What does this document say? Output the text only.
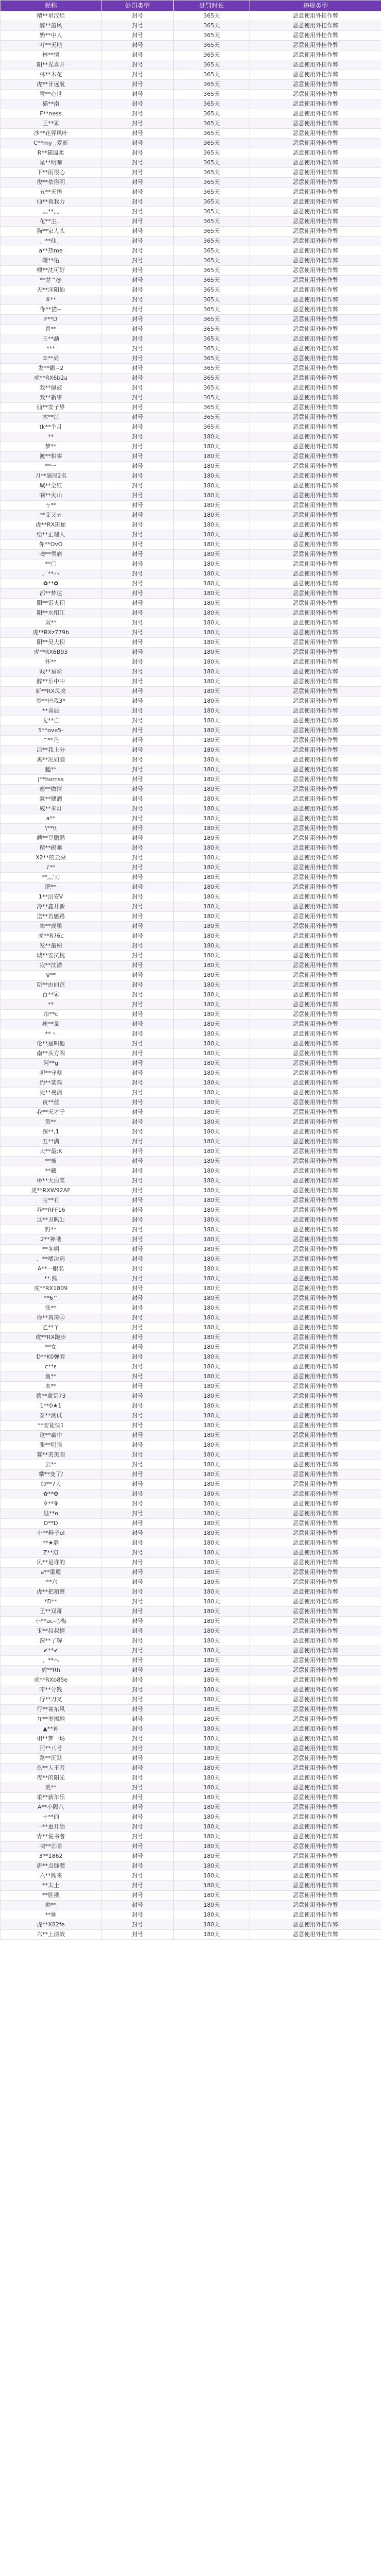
昵称	处罚类型	处罚时长	违规类型
精**星汉烂	封号	365天	恶意使用外挂作弊
醉**墨风	封号	365天	恶意使用外挂作弊
奶**中人	封号	365天	恶意使用外挂作弊
叮**天地	封号	365天	恶意使用外挂作弊
林**情	封号	365天	恶意使用外挂作弊
阳**光喜开	封号	365天	恶意使用外挂作弊
林**木花	封号	365天	恶意使用外挂作弊
虎**牙远航	封号	365天	恶意使用外挂作弊
雪**心世	封号	365天	恶意使用外挂作弊
猫**南	封号	365天	恶意使用外挂作弊
F**ness	封号	365天	恶意使用外挂作弊
王**㊣	封号	365天	恶意使用外挂作弊
沙**花弄风叶	封号	365天	恶意使用外挂作弊
C**my_,爱新	封号	365天	恶意使用外挂作弊
R**猫温柔	封号	365天	恶意使用外挂作弊
星**明嘛	封号	365天	恶意使用外挂作弊
下**雨很心	封号	365天	恶意使用外挂作弊
俊**依俗明	封号	365天	恶意使用外挂作弊
五**天悟	封号	365天	恶意使用外挂作弊
仙**看我力	封号	365天	恶意使用外挂作弊
灬**灬	封号	365天	恶意使用外挂作弊
花**尘。	封号	365天	恶意使用外挂作弊
猫**家人头	封号	365天	恶意使用外挂作弊
。**仙。	封号	365天	恶意使用外挂作弊
a**热me	封号	365天	恶意使用外挂作弊
曙**佑	封号	365天	恶意使用外挂作弊
嘿**沈可好	封号	365天	恶意使用外挂作弊
**楚^@	封号	365天	恶意使用外挂作弊
天**洋阳仙	封号	365天	恶意使用外挂作弊
⑥**	封号	365天	恶意使用外挂作弊
你**猫~	封号	365天	恶意使用外挂作弊
F**D	封号	365天	恶意使用外挂作弊
青**	封号	365天	恶意使用外挂作弊
王**勐	封号	365天	恶意使用外挂作弊
***	封号	365天	恶意使用外挂作弊
①**尚	封号	365天	恶意使用外挂作弊
发**霸~2	封号	365天	恶意使用外挂作弊
虎**RX6b2a	封号	365天	恶意使用外挂作弊
我**佩被	封号	365天	恶意使用外挂作弊
我**新事	封号	365天	恶意使用外挂作弊
仙**发子界	封号	365天	恶意使用外挂作弊
木**江	封号	365天	恶意使用外挂作弊
tk**个月	封号	365天	恶意使用外挂作弊
**	封号	180天	恶意使用外挂作弊
梦**	封号	180天	恶意使用外挂作弊
渡**相事	封号	180天	恶意使用外挂作弊
**一	封号	180天	恶意使用外挂作弊
刀**滴冠2名	封号	180天	恶意使用外挂作弊
城**全红	封号	180天	恶意使用外挂作弊
啊**火山	封号	180天	恶意使用外挂作弊
ㄅ**	封号	180天	恶意使用外挂作弊
**艾又ㄜ	封号	180天	恶意使用外挂作弊
虎**RX斑蛇	封号	180天	恶意使用外挂作弊
给**正理人	封号	180天	恶意使用外挂作弊
你**OvO	封号	180天	恶意使用外挂作弊
噢**雪痛	封号	180天	恶意使用外挂作弊
**〇	封号	180天	恶意使用外挂作弊
。**ハ	封号	180天	恶意使用外挂作弊
✿**✿	封号	180天	恶意使用外挂作弊
都**梦达	封号	180天	恶意使用外挂作弊
阳**雷夹积	封号	180天	恶意使用外挂作弊
阳**水粗江	封号	180天	恶意使用外挂作弊
双**	封号	180天	恶意使用外挂作弊
虎**RXz779b	封号	180天	恶意使用外挂作弊
阳**吴大积	封号	180天	恶意使用外挂作弊
虎**RX6B93	封号	180天	恶意使用外挂作弊
怀**	封号	180天	恶意使用外挂作弊
贱**星彩	封号	180天	恶意使用外挂作弊
醉**乐中中	封号	180天	恶意使用外挂作弊
新**RX凤亮	封号	180天	恶意使用外挂作弊
梦**巴我3*	封号	180天	恶意使用外挂作弊
**喜辰	封号	180天	恶意使用外挂作弊
无**亡	封号	180天	恶意使用外挂作弊
5**ove5-	封号	180天	恶意使用外挂作弊
^**乃	封号	180天	恶意使用外挂作弊
凉**我上分	封号	180天	恶意使用外挂作弊
黑**况如脑	封号	180天	恶意使用外挂作弊
腿**	封号	180天	恶意使用外挂作弊
J**homss	封号	180天	恶意使用外挂作弊
瘦**做情	封号	180天	恶意使用外挂作弊
匿**健酒	封号	180天	恶意使用外挂作弊
威**米灯	封号	180天	恶意使用外挂作弊
a**	封号	180天	恶意使用外挂作弊
\**\\	封号	180天	恶意使用外挂作弊
蘑**豆鹏鹏	封号	180天	恶意使用外挂作弊
精**鹃嘛	封号	180天	恶意使用外挂作弊
X2**的云朵	封号	180天	恶意使用外挂作弊
♪**	封号	180天	恶意使用外挂作弊
**灬'刃	封号	180天	恶意使用外挂作弊
肥**	封号	180天	恶意使用外挂作弊
1**沼安V	封号	180天	恶意使用外挂作弊
冷**鑫开新	封号	180天	恶意使用外挂作弊
送**若感路	封号	180天	恶意使用外挂作弊
朱**成果	封号	180天	恶意使用外挂作弊
虎**R76c	封号	180天	恶意使用外挂作弊
发**最积	封号	180天	恶意使用外挂作弊
城**安抗枕	封号	180天	恶意使用外挂作弊
寂**沈潜	封号	180天	恶意使用外挂作弊
♀**	封号	180天	恶意使用外挂作弊
斯**由丽芭	封号	180天	恶意使用外挂作弊
百**㊣	封号	180天	恶意使用外挂作弊
**	封号	180天	恶意使用外挂作弊
帘**c	封号	180天	恶意使用外挂作弊
瘦**量	封号	180天	恶意使用外挂作弊
**丶	封号	180天	恶意使用外挂作弊
伦**是叫他	封号	180天	恶意使用外挂作弊
南**头方阁	封号	180天	恶意使用外挂作弊
阿**g	封号	180天	恶意使用外挂作弊
叨**守蔡	封号	180天	恶意使用外挂作弊
约**菜鸡	封号	180天	恶意使用外挂作弊
死**视剑	封号	180天	恶意使用外挂作弊
夜**丝	封号	180天	恶意使用外挂作弊
我**天才子	封号	180天	恶意使用外挂作弊
裂**	封号	180天	恶意使用外挂作弊
深**,1	封号	180天	恶意使用外挂作弊
五**满	封号	180天	恶意使用外挂作弊
大**最;K	封号	180天	恶意使用外挂作弊
**被	封号	180天	恶意使用外挂作弊
**藏	封号	180天	恶意使用外挂作弊
桥**大白菜	封号	180天	恶意使用外挂作弊
虎**RXW92AF	封号	180天	恶意使用外挂作弊
宝**有	封号	180天	恶意使用外挂作弊
苏**RFF16	封号	180天	恶意使用外挂作弊
这**丑吗1;	封号	180天	恶意使用外挂作弊
野**	封号	180天	恶意使用外挂作弊
2**神哦	封号	180天	恶意使用外挂作弊
**冬啊	封号	180天	恶意使用外挂作弊
、**嗜决药	封号	180天	恶意使用外挂作弊
A**一眼名	封号	180天	恶意使用外挂作弊
**.熊	封号	180天	恶意使用外挂作弊
虎**RX1809	封号	180天	恶意使用外挂作弊
**6^	封号	180天	恶意使用外挂作弊
张**	封号	180天	恶意使用外挂作弊
你**真琦㊣	封号	180天	恶意使用外挂作弊
乙**丫	封号	180天	恶意使用外挂作弊
虎**RX跑步	封号	180天	恶意使用外挂作弊
**女	封号	180天	恶意使用外挂作弊
D**K0弹看	封号	180天	恶意使用外挂作弊
c**ε	封号	180天	恶意使用外挂作弊
鱼**	封号	180天	恶意使用外挂作弊
本**	封号	180天	恶意使用外挂作弊
蔡**蒙哥73	封号	180天	恶意使用外挂作弊
1**0★1	封号	180天	恶意使用外挂作弊
泰**测试	封号	180天	恶意使用外挂作弊
**安徒快1	封号	180天	恶意使用外挂作弊
这**赢中	封号	180天	恶意使用外挂作弊
张**明强	封号	180天	恶意使用外挂作弊
赛**美美圆	封号	180天	恶意使用外挂作弊
云**	封号	180天	恶意使用外挂作弊
攀**变了/	封号	180天	恶意使用外挂作弊
加**7人	封号	180天	恶意使用外挂作弊
✿**✿	封号	180天	恶意使用外挂作弊
✞**✞	封号	180天	恶意使用外挂作弊
昼**o	封号	180天	恶意使用外挂作弊
D**D	封号	180天	恶意使用外挂作弊
小**鞋子ol	封号	180天	恶意使用外挂作弊
**★静	封号	180天	恶意使用外挂作弊
Z**幻	封号	180天	恶意使用外挂作弊
风**是谁的	封号	180天	恶意使用外挂作弊
a**重麗	封号	180天	恶意使用外挂作弊
·**六	封号	180天	恶意使用外挂作弊
虎**把箱蔡	封号	180天	恶意使用外挂作弊
*D**	封号	180天	恶意使用外挂作弊
王**双哥	封号	180天	恶意使用外挂作弊
小**ac-心梅	封号	180天	恶意使用外挂作弊
玉**叔叔情	封号	180天	恶意使用外挂作弊
深**了解	封号	180天	恶意使用外挂作弊
✔**✔	封号	180天	恶意使用外挂作弊
、**ヘ	封号	180天	恶意使用外挂作弊
虎**Rh	封号	180天	恶意使用外挂作弊
虎**RXb85e	封号	180天	恶意使用外挂作弊
咔**分钱	封号	180天	恶意使用外挂作弊
行**刀叉	封号	180天	恶意使用外挂作弊
行**雀东风	封号	180天	恶意使用外挂作弊
九**奥擦地	封号	180天	恶意使用外挂作弊
▲**神	封号	180天	恶意使用外挂作弊
相**梦一场	封号	180天	恶意使用外挂作弊
阿**八号	封号	180天	恶意使用外挂作弊
路**沉默	封号	180天	恶意使用外挂作弊
玖**人王者	封号	180天	恶意使用外挂作弊
夜**的阳光	封号	180天	恶意使用外挂作弊
美**	封号	180天	恶意使用外挂作弊
柔**新年乐	封号	180天	恶意使用外挂作弊
A**小隔八	封号	180天	恶意使用外挂作弊
十**的	封号	180天	恶意使用外挂作弊
一**重开始	封号	180天	恶意使用外挂作弊
青**说书者	封号	180天	恶意使用外挂作弊
咦**㊣㊣	封号	180天	恶意使用外挂作弊
3**1862	封号	180天	恶意使用外挂作弊
唐**点缝嘿	封号	180天	恶意使用外挂作弊
六**熊来	封号	180天	恶意使用外挂作弊
**太士	封号	180天	恶意使用外挂作弊
**胜俄	封号	180天	恶意使用外挂作弊
帅**	封号	180天	恶意使用外挂作弊
**帅	封号	180天	恶意使用外挂作弊
虎**X82fe	封号	180天	恶意使用外挂作弊
六**上清效	封号	180天	恶意使用外挂作弊
